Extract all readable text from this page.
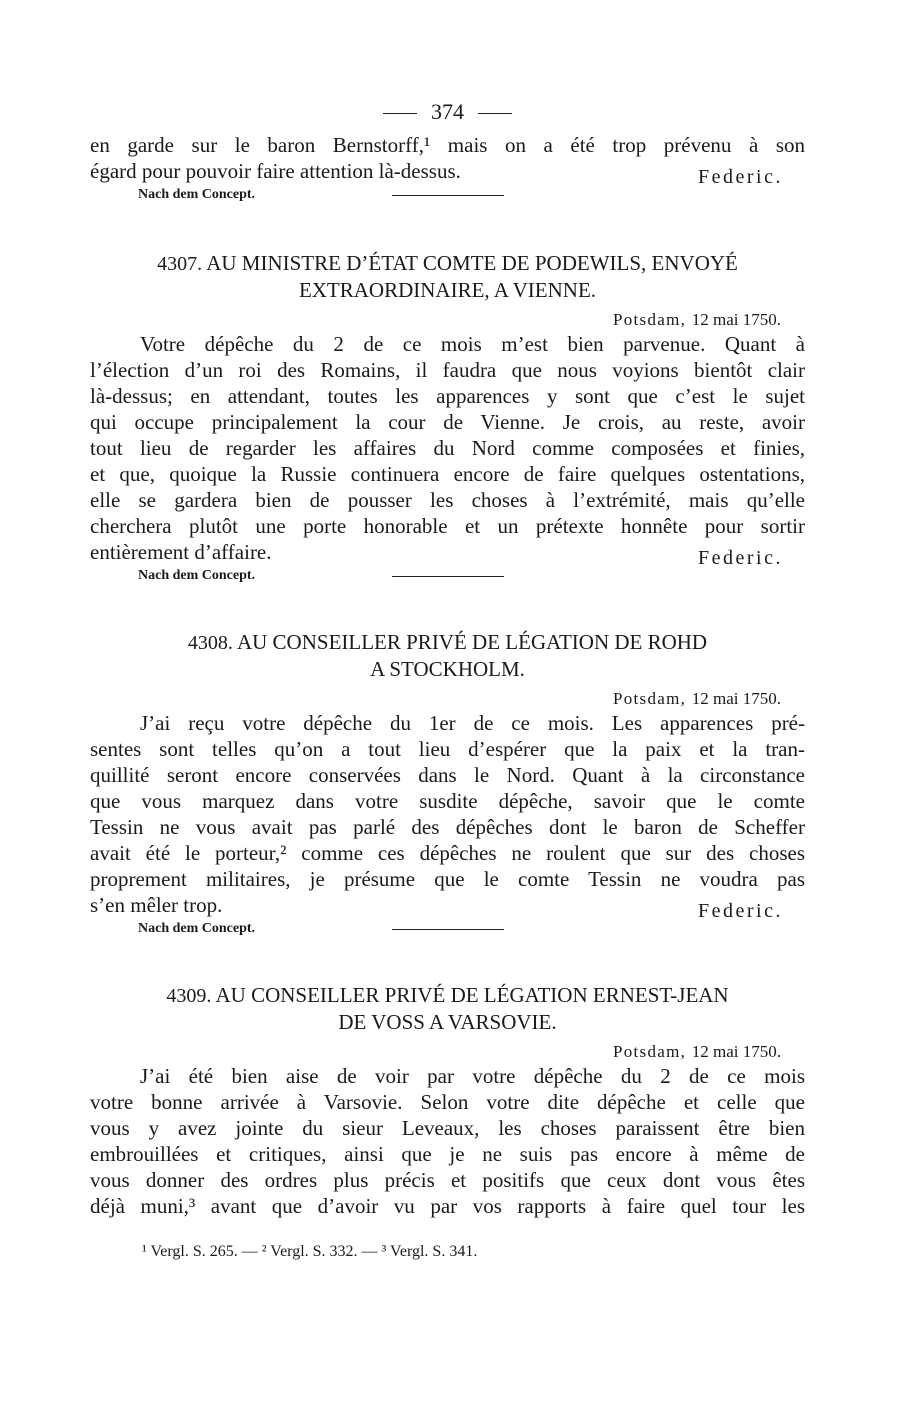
374
en garde sur le baron Bernstorff,¹ mais on a été trop prévenu à son
égard pour pouvoir faire attention là-dessus.	Federic.
Nach dem Concept.
4307. AU MINISTRE D’ÉTAT COMTE DE PODEWILS, ENVOYÉ
EXTRAORDINAIRE, A VIENNE.
Potsdam, 12 mai 1750.
Votre dépêche du 2 de ce mois m’est bien parvenue. Quant à
l’élection d’un roi des Romains, il faudra que nous voyions bientôt clair
là-dessus; en attendant, toutes les apparences y sont que c’est le sujet
qui occupe principalement la cour de Vienne. Je crois, au reste, avoir
tout lieu de regarder les affaires du Nord comme composées et finies,
et que, quoique la Russie continuera encore de faire quelques ostentations,
elle se gardera bien de pousser les choses à l’extrémité, mais qu’elle
cherchera plutôt une porte honorable et un prétexte honnête pour sortir
entièrement d’affaire.	Federic.
Nach dem Concept.
4308. AU CONSEILLER PRIVÉ DE LÉGATION DE ROHD
A STOCKHOLM.
Potsdam, 12 mai 1750.
J’ai reçu votre dépêche du 1er de ce mois. Les apparences pré-
sentes sont telles qu’on a tout lieu d’espérer que la paix et la tran-
quillité seront encore conservées dans le Nord. Quant à la circonstance
que vous marquez dans votre susdite dépêche, savoir que le comte
Tessin ne vous avait pas parlé des dépêches dont le baron de Scheffer
avait été le porteur,² comme ces dépêches ne roulent que sur des choses
proprement militaires, je présume que le comte Tessin ne voudra pas
s’en mêler trop.	Federic.
Nach dem Concept.
4309. AU CONSEILLER PRIVÉ DE LÉGATION ERNEST-JEAN
DE VOSS A VARSOVIE.
Potsdam, 12 mai 1750.
J’ai été bien aise de voir par votre dépêche du 2 de ce mois
votre bonne arrivée à Varsovie. Selon votre dite dépêche et celle que
vous y avez jointe du sieur Leveaux, les choses paraissent être bien
embrouillées et critiques, ainsi que je ne suis pas encore à même de
vous donner des ordres plus précis et positifs que ceux dont vous êtes
déjà muni,³ avant que d’avoir vu par vos rapports à faire quel tour les
¹ Vergl. S. 265. — ² Vergl. S. 332. — ³ Vergl. S. 341.
